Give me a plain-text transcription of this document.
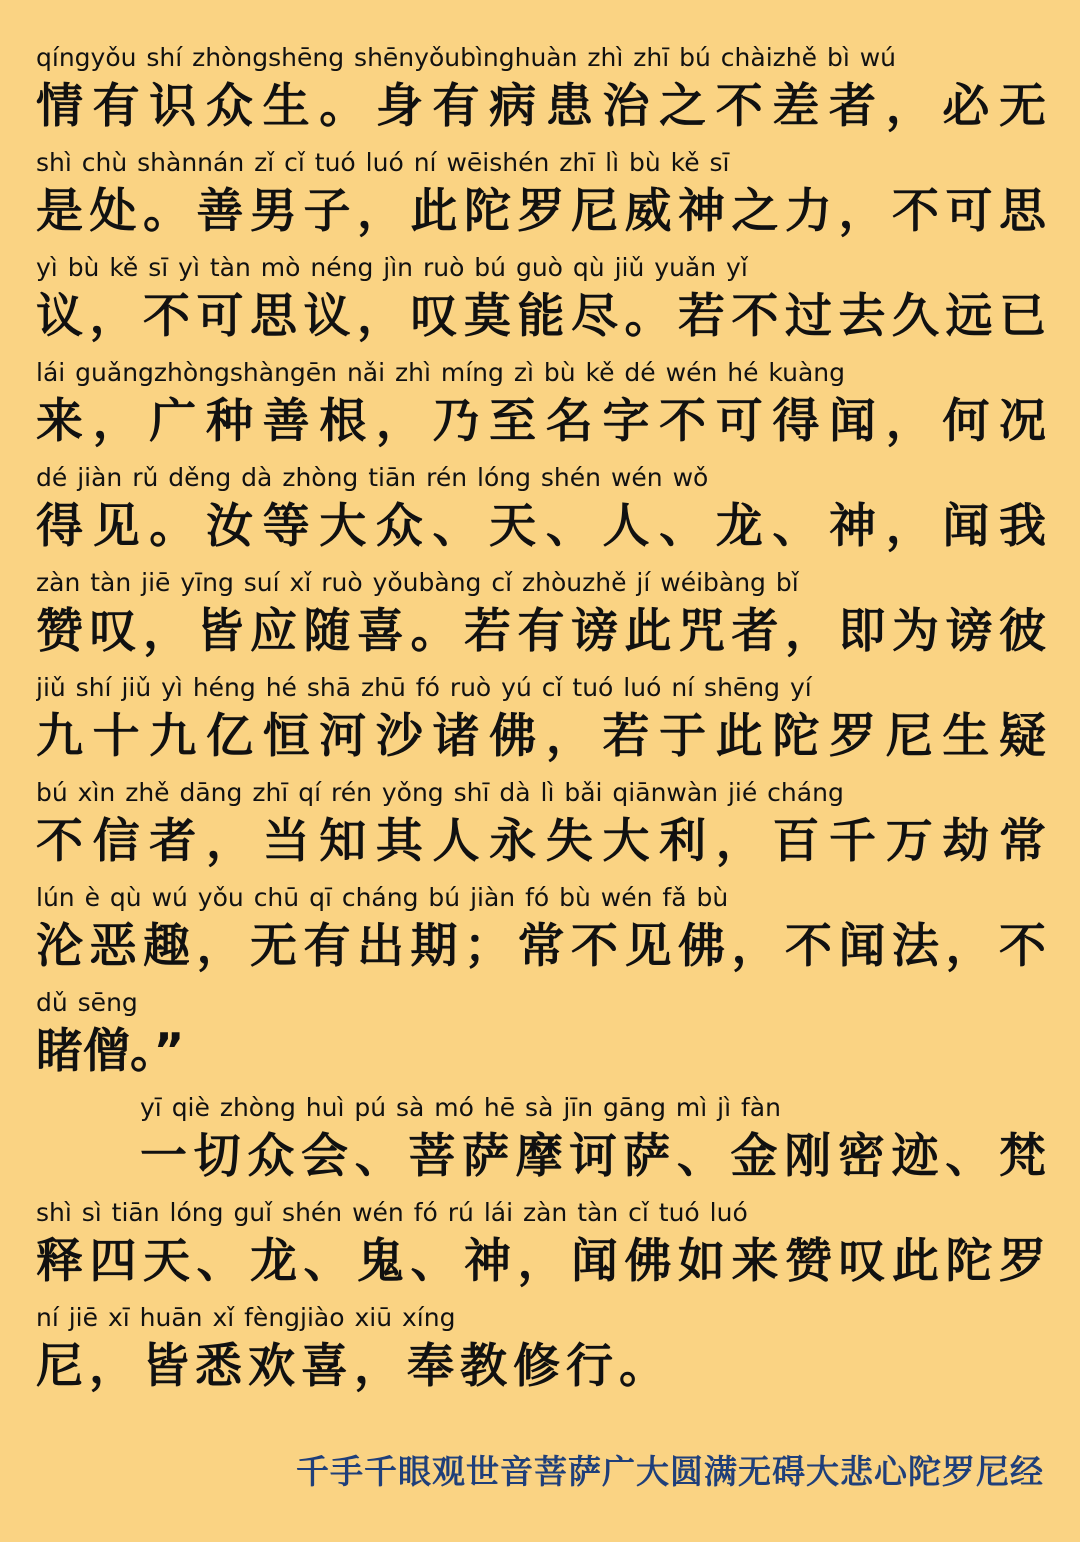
qíngyǒu shí zhòngshēng shēnyǒubìnghuàn zhì zhī bú chàizhě bì wú
情有识众生。身有病患治之不差者，必无
shì chù shànnán zǐ cǐ tuó luó ní wēishén zhī lì bù kě sī
是处。善男子，此陀罗尼威神之力，不可思
yì bù kě sī yì tàn mò néng jìn ruò bú guò qù jiǔ yuǎn yǐ
议，不可思议，叹莫能尽。若不过去久远已
lái guǎngzhòngshàngēn nǎi zhì míng zì bù kě dé wén hé kuàng
来，广种善根，乃至名字不可得闻，何况
dé jiàn rǔ děng dà zhòng tiān rén lóng shén wén wǒ
得见。汝等大众、天、人、龙、神，闻我
zàn tàn jiē yīng suí xǐ ruò yǒubàng cǐ zhòuzhě jí wéibàng bǐ
赞叹，皆应随喜。若有谤此咒者，即为谤彼
jiǔ shí jiǔ yì héng hé shā zhū fó ruò yú cǐ tuó luó ní shēng yí
九十九亿恒河沙诸佛，若于此陀罗尼生疑
bú xìn zhě dāng zhī qí rén yǒng shī dà lì bǎi qiānwàn jié cháng
不信者，当知其人永失大利，百千万劫常
lún è qù wú yǒu chū qī cháng bú jiàn fó bù wén fǎ bù
沦恶趣，无有出期；常不见佛，不闻法，不
dǔ sēng
睹僧。”
yī qiè zhòng huì pú sà mó hē sà jīn gāng mì jì fàn
一切众会、菩萨摩诃萨、金刚密迹、梵
shì sì tiān lóng guǐ shén wén fó rú lái zàn tàn cǐ tuó luó
释四天、龙、鬼、神，闻佛如来赞叹此陀罗
ní jiē xī huān xǐ fèngjiào xiū xíng
尼，皆悉欢喜，奉教修行。
千手千眼观世音菩萨广大圆满无碍大悲心陀罗尼经
